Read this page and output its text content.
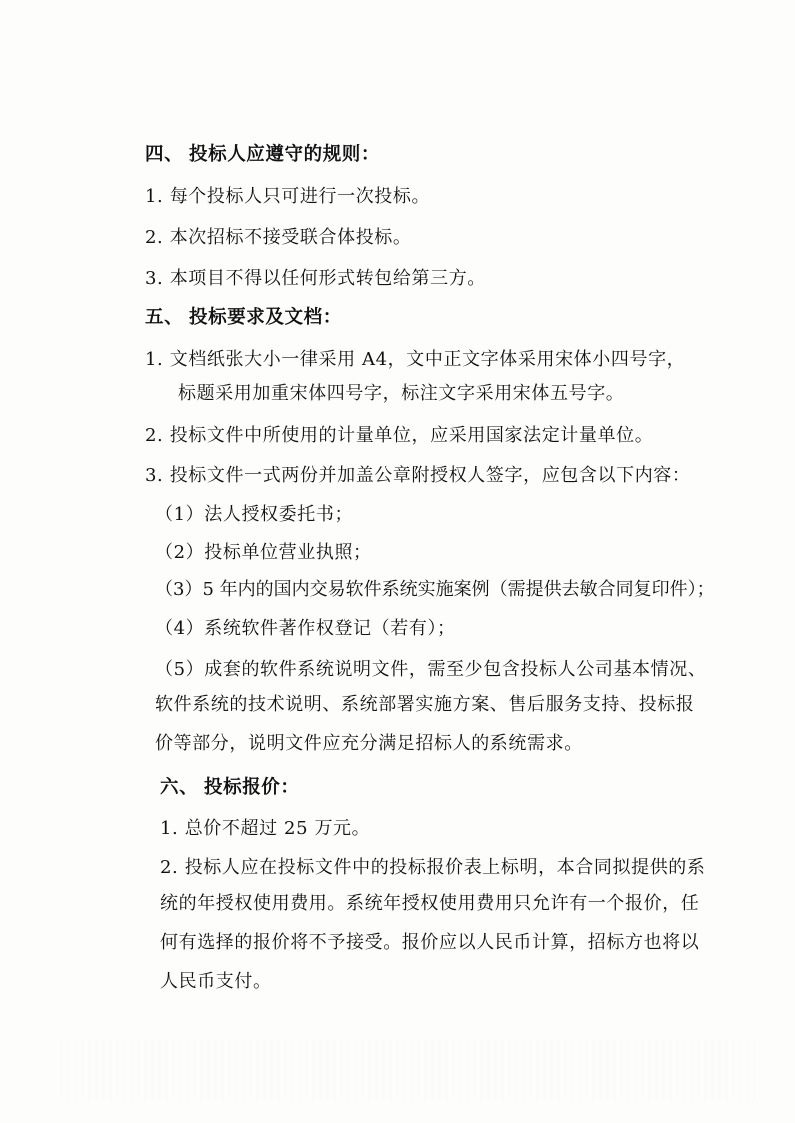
四、 投标人应遵守的规则：
1. 每个投标人只可进行一次投标。
2. 本次招标不接受联合体投标。
3. 本项目不得以任何形式转包给第三方。
五、 投标要求及文档：
1. 文档纸张大小一律采用 A4，文中正文字体采用宋体小四号字，
标题采用加重宋体四号字，标注文字采用宋体五号字。
2. 投标文件中所使用的计量单位，应采用国家法定计量单位。
3. 投标文件一式两份并加盖公章附授权人签字，应包含以下内容：
（1）法人授权委托书；
（2）投标单位营业执照；
（3）5 年内的国内交易软件系统实施案例（需提供去敏合同复印件）；
（4）系统软件著作权登记（若有）；
（5）成套的软件系统说明文件，需至少包含投标人公司基本情况、
软件系统的技术说明、系统部署实施方案、售后服务支持、投标报
价等部分，说明文件应充分满足招标人的系统需求。
六、 投标报价：
1. 总价不超过 25 万元。
2. 投标人应在投标文件中的投标报价表上标明，本合同拟提供的系
统的年授权使用费用。系统年授权使用费用只允许有一个报价，任
何有选择的报价将不予接受。报价应以人民币计算，招标方也将以
人民币支付。
